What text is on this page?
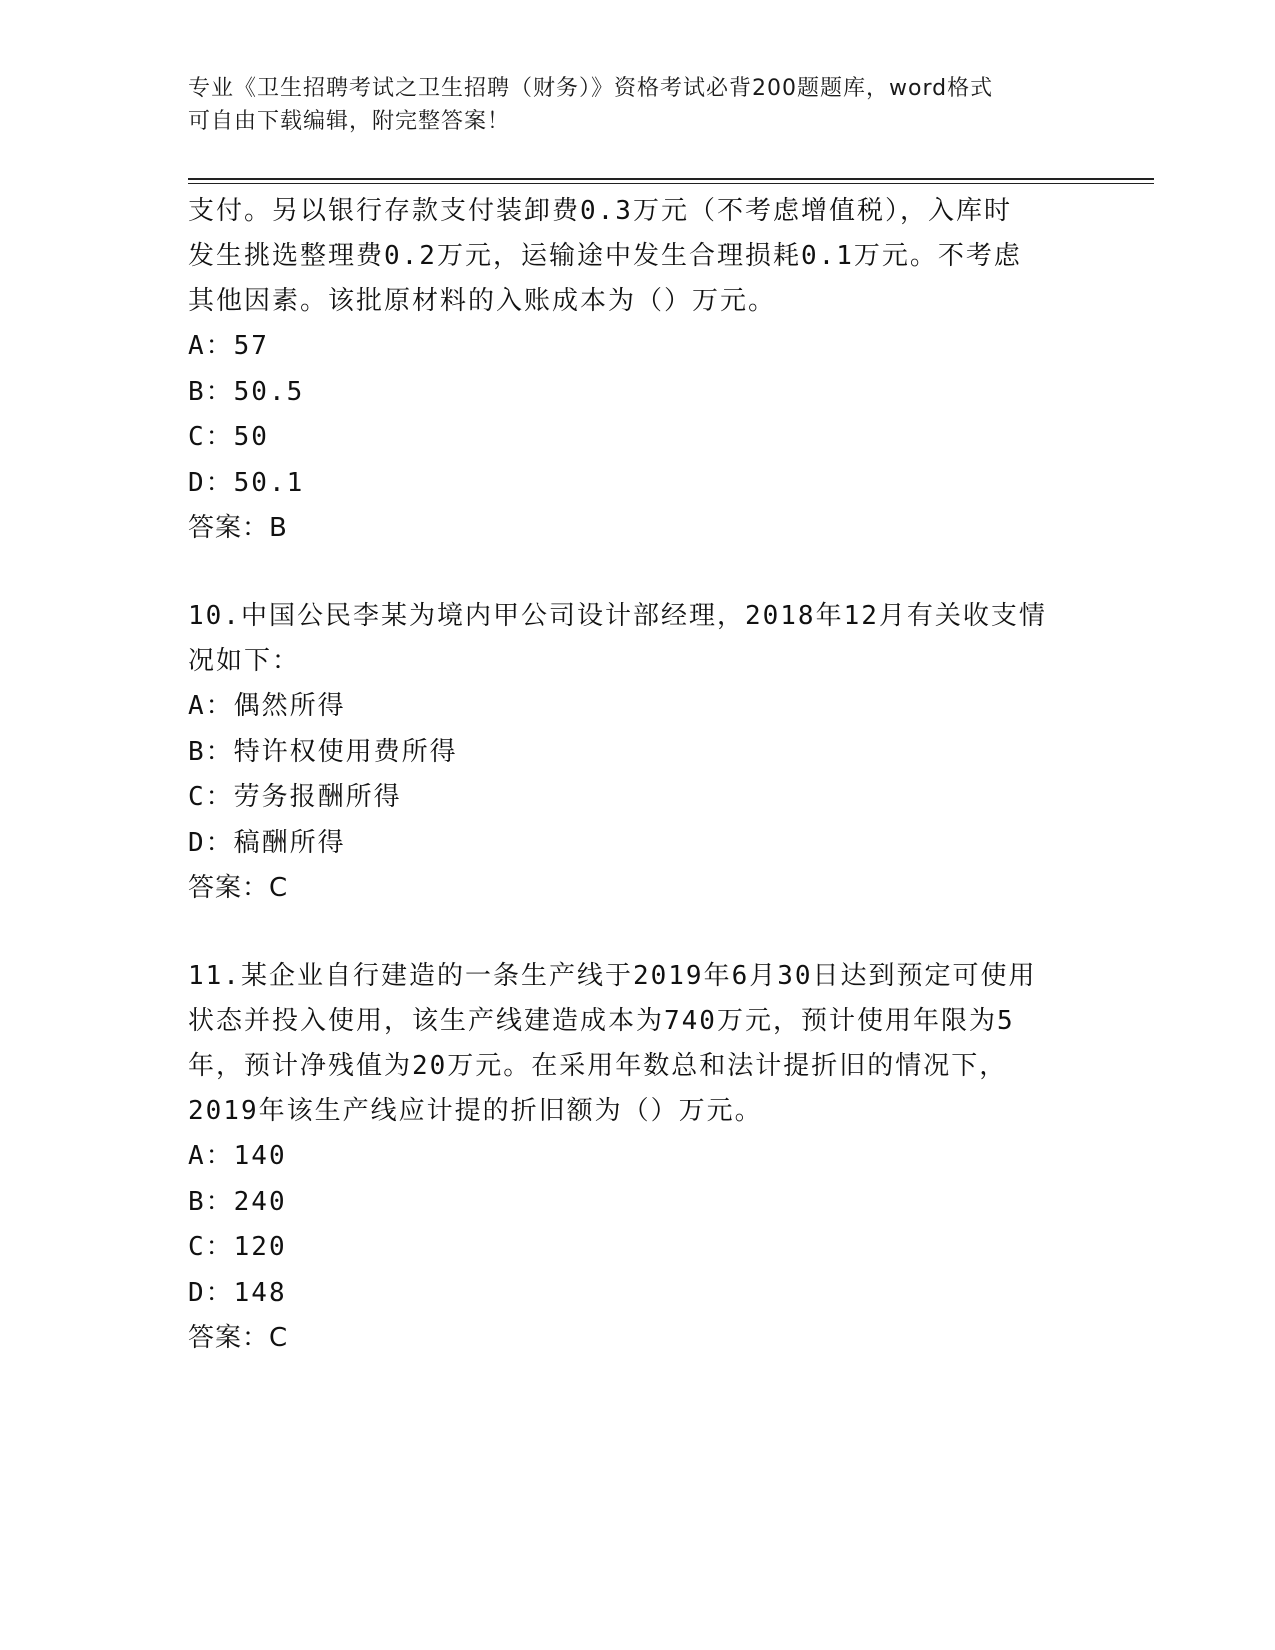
专业《卫生招聘考试之卫生招聘（财务）》资格考试必背200题题库，word格式
可自由下载编辑，附完整答案！

支付。另以银行存款支付装卸费0.3万元（不考虑增值税），入库时

发生挑选整理费0.2万元，运输途中发生合理损耗0.1万元。不考虑

其他因素。该批原材料的入账成本为（）万元。

A：57

B：50.5

C：50

D：50.1

答案：B

10.中国公民李某为境内甲公司设计部经理，2018年12月有关收支情

况如下：

A：偶然所得

B：特许权使用费所得

C：劳务报酬所得

D：稿酬所得

答案：C

11.某企业自行建造的一条生产线于2019年6月30日达到预定可使用

状态并投入使用，该生产线建造成本为740万元，预计使用年限为5

年，预计净残值为20万元。在采用年数总和法计提折旧的情况下，

2019年该生产线应计提的折旧额为（）万元。

A：140

B：240

C：120

D：148

答案：C
